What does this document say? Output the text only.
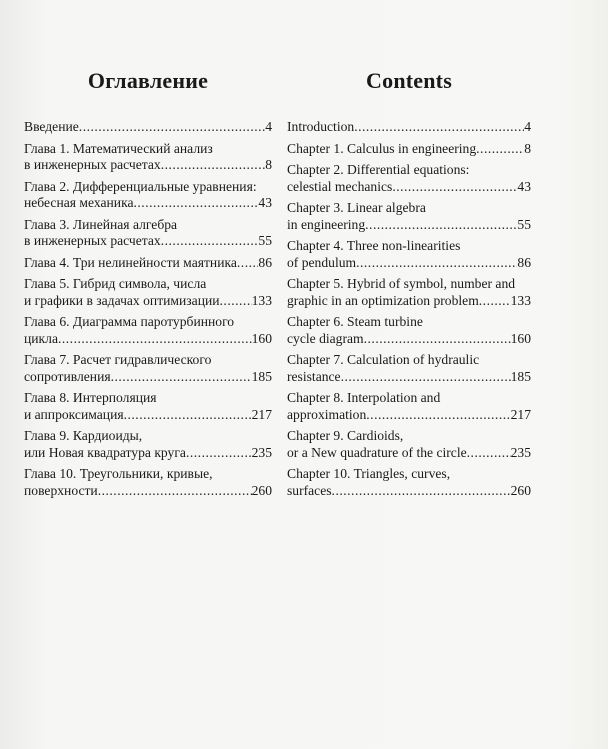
Оглавление
Введение .....	4
Глава 1. Математический анализ
в инженерных расчетах .....	8
Глава 2. Дифференциальные уравнения:
небесная механика .....	43
Глава 3. Линейная алгебра
в инженерных расчетах .....	55
Глава 4. Три нелинейности маятника ..... 86
Глава 5. Гибрид символа, числа
и графики в задачах оптимизации ..... 133
Глава 6. Диаграмма паротурбинного
цикла .....	160
Глава 7. Расчет гидравлического
сопротивления .....	185
Глава 8. Интерполяция
и аппроксимация .....	217
Глава 9. Кардиоиды,
или Новая квадратура круга .....	235
Глава 10. Треугольники, кривые,
поверхности .....	260
Contents
Introduction .....	4
Chapter 1. Calculus in engineering .....	8
Chapter 2. Differential equations:
celestial mechanics .....	43
Chapter 3. Linear algebra
in engineering .....	55
Chapter 4. Three non-linearities
of pendulum .....	86
Chapter 5. Hybrid of symbol, number and
graphic in an optimization problem ..... 133
Chapter 6. Steam turbine
cycle diagram .....	160
Chapter 7. Calculation of hydraulic
resistance .....	185
Chapter 8. Interpolation and
approximation .....	217
Chapter 9. Cardioids,
or a New quadrature of the circle .....	235
Chapter 10. Triangles, curves,
surfaces .....	260
